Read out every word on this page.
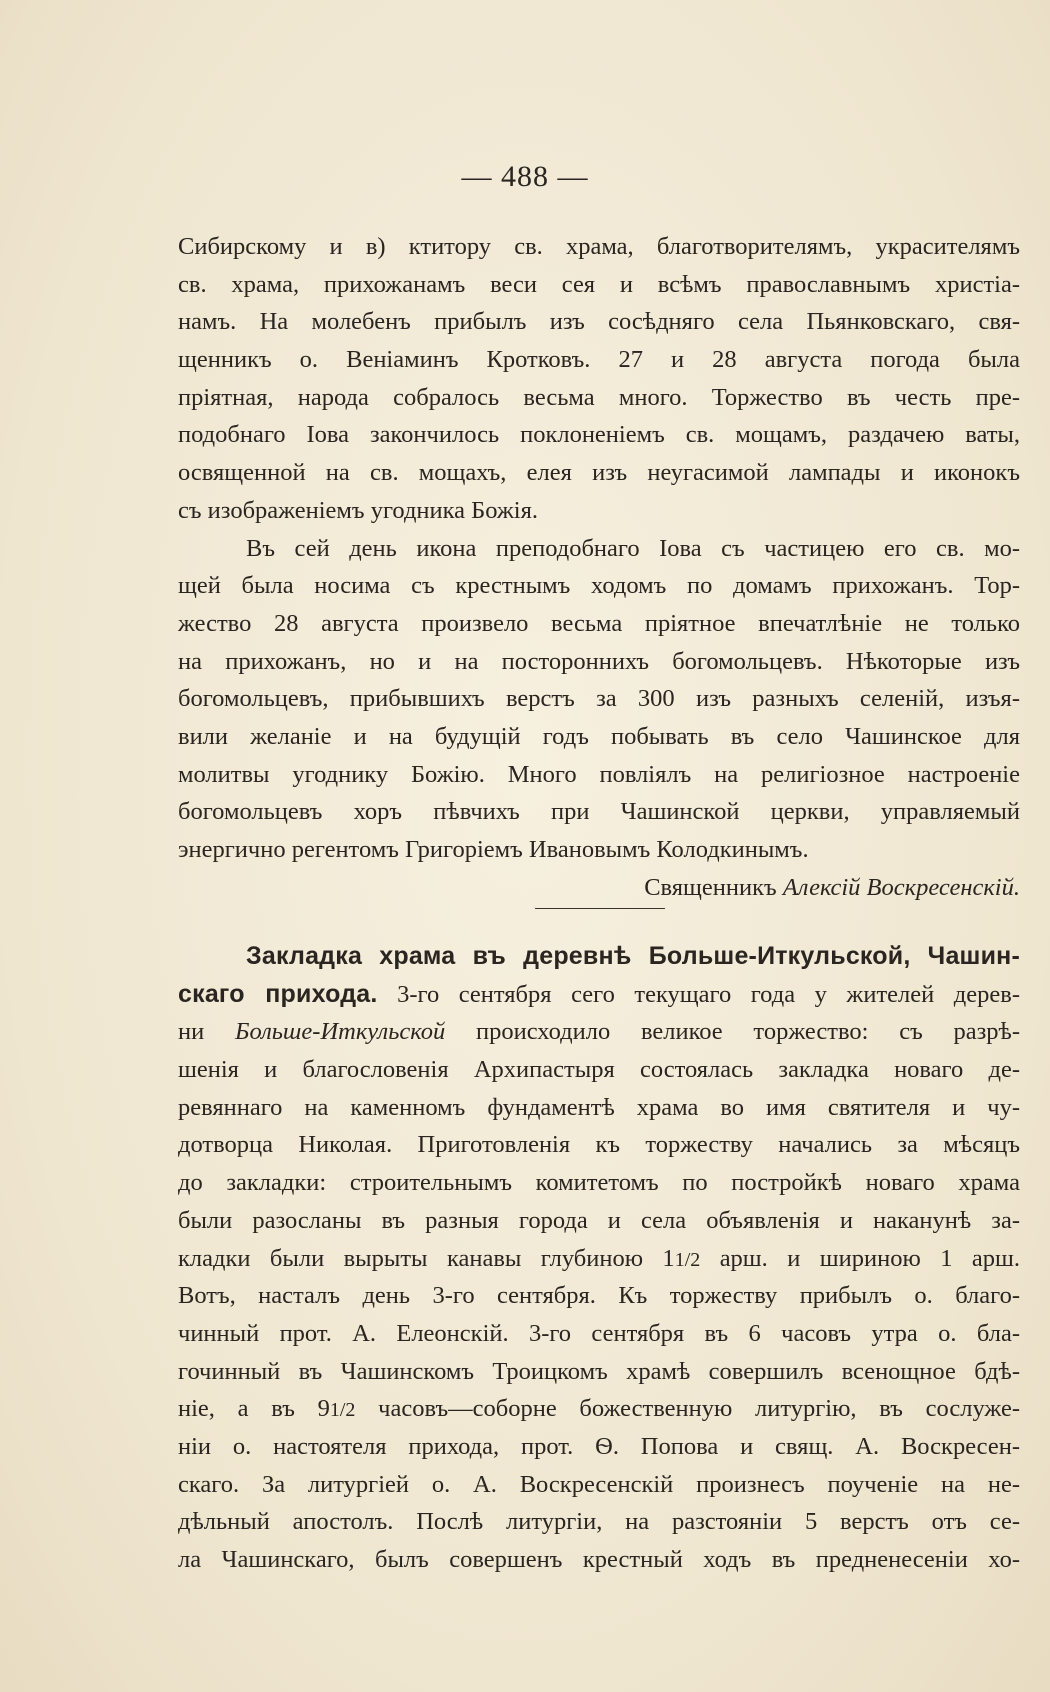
— 488 —
Сибирскому и в) ктитору св. храма, благотворителямъ, украсителямъ
св. храма, прихожанамъ веси сея и всѣмъ православнымъ христіа-
намъ. На молебенъ прибылъ изъ сосѣдняго села Пьянковскаго, свя-
щенникъ о. Веніаминъ Кротковъ. 27 и 28 августа погода была
пріятная, народа собралось весьма много. Торжество въ честь пре-
подобнаго Іова закончилось поклоненіемъ св. мощамъ, раздачею ваты,
освященной на св. мощахъ, елея изъ неугасимой лампады и иконокъ
съ изображеніемъ угодника Божія.
Въ сей день икона преподобнаго Іова съ частицею его св. мо-
щей была носима съ крестнымъ ходомъ по домамъ прихожанъ. Тор-
жество 28 августа произвело весьма пріятное впечатлѣніе не только
на прихожанъ, но и на постороннихъ богомольцевъ. Нѣкоторые изъ
богомольцевъ, прибывшихъ верстъ за 300 изъ разныхъ селеній, изъя-
вили желаніе и на будущій годъ побывать въ село Чашинское для
молитвы угоднику Божію. Много повліялъ на религіозное настроеніе
богомольцевъ хоръ пѣвчихъ при Чашинской церкви, управляемый
энергично регентомъ Григоріемъ Ивановымъ Колодкинымъ.
Священникъ Алексій Воскресенскій.
Закладка храма въ деревнѣ Больше-Иткульской, Чашин-
скаго прихода. 3-го сентября сего текущаго года у жителей дерев-
ни Больше-Иткульской происходило великое торжество: съ разрѣ-
шенія и благословенія Архипастыря состоялась закладка новаго де-
ревяннаго на каменномъ фундаментѣ храма во имя святителя и чу-
дотворца Николая. Приготовленія къ торжеству начались за мѣсяцъ
до закладки: строительнымъ комитетомъ по постройкѣ новаго храма
были разосланы въ разныя города и села объявленія и наканунѣ за-
кладки были вырыты канавы глубиною 11/2 арш. и шириною 1 арш.
Вотъ, насталъ день 3-го сентября. Къ торжеству прибылъ о. благо-
чинный прот. А. Елеонскій. 3-го сентября въ 6 часовъ утра о. бла-
гочинный въ Чашинскомъ Троицкомъ храмѣ совершилъ всенощное бдѣ-
ніе, а въ 91/2 часовъ—соборне божественную литургію, въ сослуже-
ніи о. настоятеля прихода, прот. Ѳ. Попова и свящ. А. Воскресен-
скаго. За литургіей о. А. Воскресенскій произнесъ поученіе на не-
дѣльный апостолъ. Послѣ литургіи, на разстояніи 5 верстъ отъ се-
ла Чашинскаго, былъ совершенъ крестный ходъ въ предненесеніи хо-
